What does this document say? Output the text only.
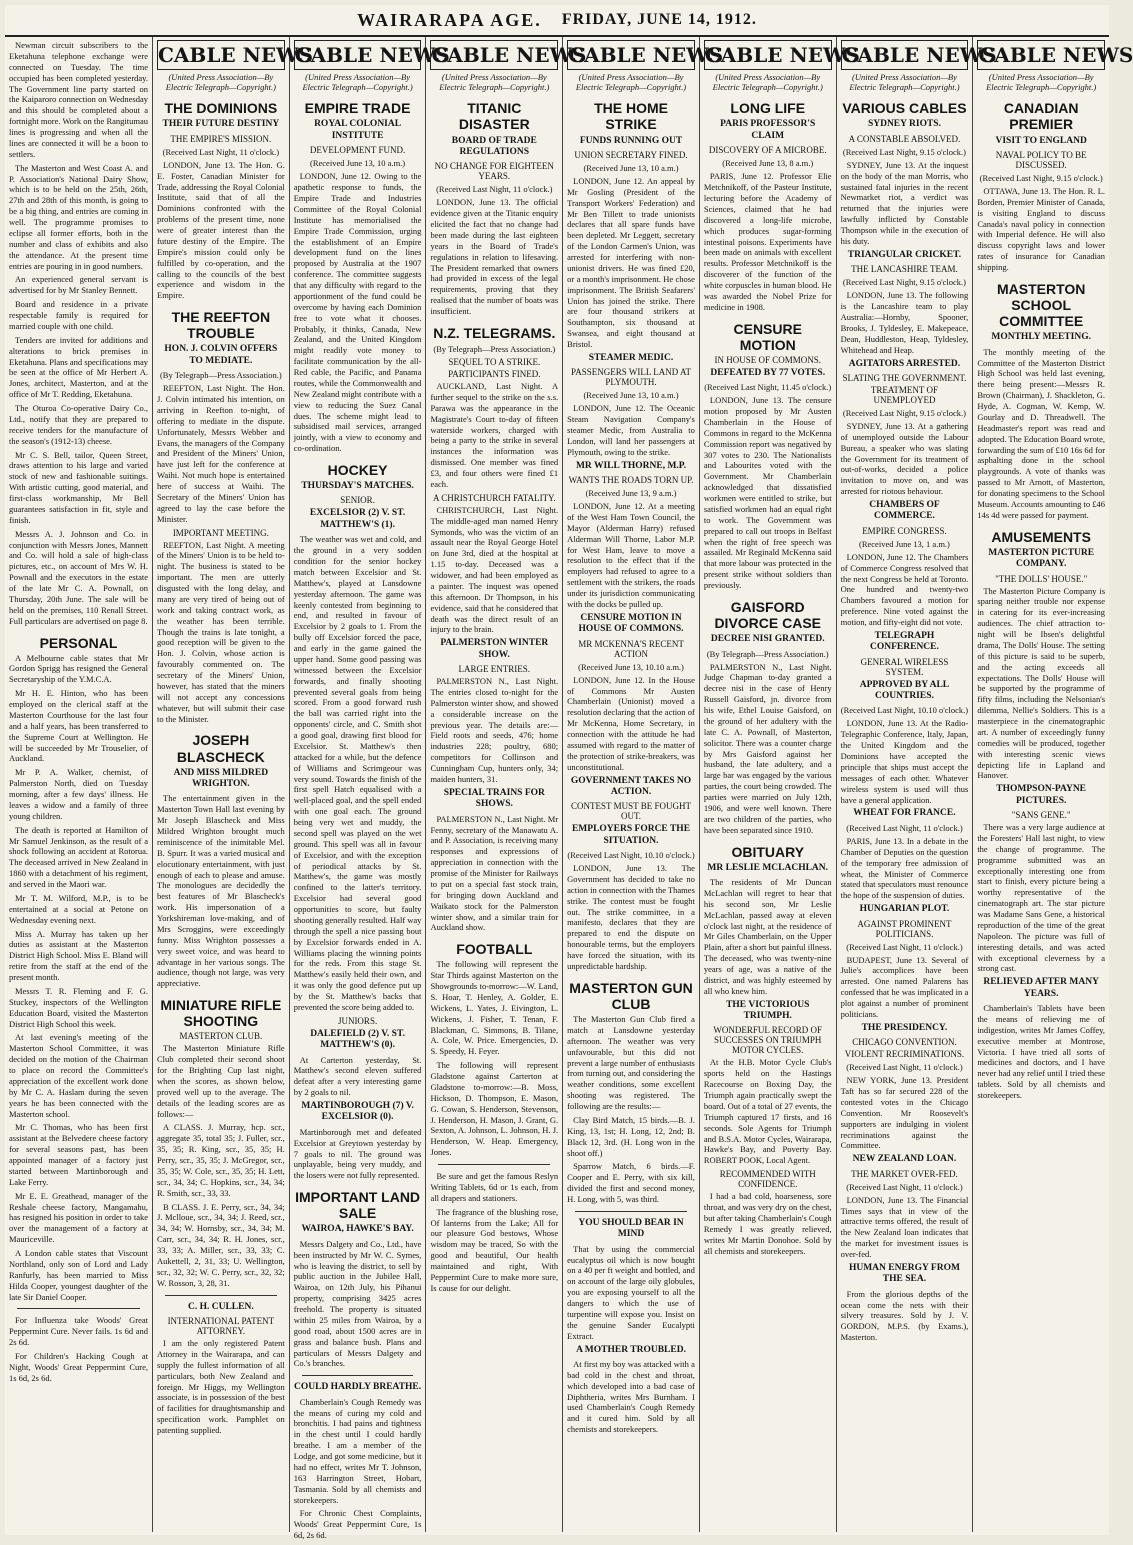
WAIRARAPA AGE. FRIDAY, JUNE 14, 1912.
Newman circuit subscribers to the Eketahuna telephone exchange were connected on Tuesday. The time occupied has been completed yesterday. The Government line party started on the Kaiparoro connection on Wednesday and this should be completed about a fortnight more. Work on the Rangitumau lines is progressing and when all the lines are connected it will be a boon to settlers.
The Masterton and West Coast A. and P. Association's National Dairy Show, which is to be held on the 25th, 26th, 27th and 28th of this month, is going to be a big thing, and entries are coming in well. The programme promises to eclipse all former efforts, both in the number and class of exhibits and also the attendance. At the present time entries are pouring in in good numbers.
An experienced general servant is advertised for by Mr Stanley Bennett.
Board and residence in a private respectable family is required for married couple with one child.
Tenders are invited for additions and alterations to brick premises in Eketahuna. Plans and specifications may be seen at the office of Mr Herbert A. Jones, architect, Masterton, and at the office of Mr T. Redding, Eketahuna.
The Oturoa Co-operative Dairy Co., Ltd., notify that they are prepared to receive tenders for the manufacture of the season's (1912-13) cheese.
Mr C. S. Bell, tailor, Queen Street, draws attention to his large and varied stock of new and fashionable suitings. With artistic cutting, good material, and first-class workmanship, Mr Bell guarantees satisfaction in fit, style and finish.
Messrs A. J. Johnson and Co. in conjunction with Messrs Jones, Mannett and Co. will hold a sale of high-class pictures, etc., on account of Mrs W. H. Pownall and the executors in the estate of the late Mr C. A. Pownall, on Thursday, 20th June. The sale will be held on the premises, 110 Renall Street. Full particulars are advertised on page 8.
PERSONAL
A Melbourne cable states that Mr Gordon Sprigg has resigned the General Secretaryship of the Y.M.C.A.
Mr H. E. Hinton, who has been employed on the clerical staff at the Masterton Courthouse for the last four and a half years, has been transferred to the Supreme Court at Wellington. He will be succeeded by Mr Trouselier, of Auckland.
Mr P. A. Walker, chemist, of Palmerston North, died on Tuesday morning, after a few days' illness. He leaves a widow and a family of three young children.
The death is reported at Hamilton of Mr Samuel Jenkinson, as the result of a shock following an accident at Rotorua. The deceased arrived in New Zealand in 1860 with a detachment of his regiment, and served in the Maori war.
Mr T. M. Wilford, M.P., is to be entertained at a social at Petone on Wednesday evening next.
Miss A. Murray has taken up her duties as assistant at the Masterton District High School. Miss E. Bland will retire from the staff at the end of the present month.
Messrs T. R. Fleming and F. G. Stuckey, inspectors of the Wellington Education Board, visited the Masterton District High School this week.
At last evening's meeting of the Masterton School Committee, it was decided on the motion of the Chairman to place on record the Committee's appreciation of the excellent work done by Mr C. A. Haslam during the seven years he has been connected with the Masterton school.
Mr C. Thomas, who has been first assistant at the Belvedere cheese factory for several seasons past, has been appointed manager of a factory just started between Martinborough and Lake Ferry.
Mr E. E. Greathead, manager of the Reshale cheese factory, Mangamahu, has resigned his position in order to take over the management of a factory at Mauriceville.
A London cable states that Viscount Northland, only son of Lord and Lady Ranfurly, has been married to Miss Hilda Cooper, youngest daughter of the late Sir Daniel Cooper.
For Influenza take Woods' Great Peppermint Cure. Never fails. 1s 6d and 2s 6d.
For Children's Hacking Cough at Night, Woods' Great Peppermint Cure, 1s 6d, 2s 6d.
CABLE NEWS
(United Press Association—By Electric Telegraph—Copyright.)
THE DOMINIONS
THEIR FUTURE DESTINY
THE EMPIRE'S MISSION.
(Received Last Night, 11 o'clock.)
LONDON, June 13. The Hon. G. E. Foster, Canadian Minister for Trade, addressing the Royal Colonial Institute, said that of all the Dominions confronted with the problems of the present time, none were of greater interest than the future destiny of the Empire. The Empire's mission could only be fulfilled by co-operation, and the calling to the councils of the best experience and wisdom in the Empire.
THE REEFTON TROUBLE
HON. J. COLVIN OFFERS TO MEDIATE.
(By Telegraph—Press Association.)
REEFTON, Last Night. The Hon. J. Colvin intimated his intention, on arriving in Reefton to-night, of offering to mediate in the dispute. Unfortunately, Messrs Webber and Evans, the managers of the Company and President of the Miners' Union, have just left for the conference at Waihi. Not much hope is entertained here of success at Waihi. The Secretary of the Miners' Union has agreed to lay the case before the Minister.
IMPORTANT MEETING.
REEFTON, Last Night. A meeting of the Miners' Union is to be held to-night. The business is stated to be important. The men are utterly disgusted with the long delay, and many are very tired of being out of work and taking contract work, as the weather has been terrible. Though the trains is late tonight, a good reception will be given to the Hon. J. Colvin, whose action is favourably commented on. The secretary of the Miners' Union, however, has stated that the miners will not accept any concessions whatever, but will submit their case to the Minister.
JOSEPH BLASCHECK
AND MISS MILDRED WRIGHTON.
The entertainment given in the Masterton Town Hall last evening by Mr Joseph Blascheck and Miss Mildred Wrighton brought much reminiscence of the inimitable Mel. B. Spurr. It was a varied musical and elocutionary entertainment, with just enough of each to please and amuse. The monologues are decidedly the best features of Mr Blascheck's work. His impersonation of a Yorkshireman love-making, and of Mrs Scroggins, were exceedingly funny. Miss Wrighton possesses a very sweet voice, and was heard to advantage in her various songs. The audience, though not large, was very appreciative.
MINIATURE RIFLE SHOOTING
MASTERTON CLUB.
The Masterton Miniature Rifle Club completed their second shoot for the Brighting Cup last night, when the scores, as shown below, proved well up to the average. The details of the leading scores are as follows:—
A CLASS. J. Murray, hcp. scr., aggregate 35, total 35; J. Fuller, scr., 35, 35; R. King, scr., 35, 35; H. Perry, scr., 35, 35; J. McGregor, scr., 35, 35; W. Cole, scr., 35, 35; H. Lett, scr., 34, 34; C. Hopkins, scr., 34, 34; R. Smith, scr., 33, 33.
B CLASS. J. E. Perry, scr., 34, 34; J. Mclloue, scr., 34, 34; J. Reed, scr., 34, 34; W. Hornsby, scr., 34, 34; M. Carr, scr., 34, 34; R. H. Jones, scr., 33, 33; A. Miller, scr., 33, 33; C. Aukettell, 2, 31, 33; U. Wellington, scr., 32, 32; W. C. Perry, scr., 32, 32; W. Rosson, 3, 28, 31.
C. H. CULLEN.
INTERNATIONAL PATENT ATTORNEY.
I am the only registered Patent Attorney in the Wairarapa, and can supply the fullest information of all particulars, both New Zealand and foreign. Mr Higgs, my Wellington associate, is in possession of the best of facilities for draughtsmanship and specification work. Pamphlet on patenting supplied.
CABLE NEWS
(United Press Association—By Electric Telegraph—Copyright.)
EMPIRE TRADE
ROYAL COLONIAL INSTITUTE
DEVELOPMENT FUND.
(Received June 13, 10 a.m.)
LONDON, June 12. Owing to the apathetic response to funds, the Empire Trade and Industries Committee of the Royal Colonial Institute has memorialised the Empire Trade Commission, urging the establishment of an Empire development fund on the lines proposed by Australia at the 1907 conference. The committee suggests that any difficulty with regard to the apportionment of the fund could be overcome by having each Dominion free to vote what it chooses. Probably, it thinks, Canada, New Zealand, and the United Kingdom might readily vote money to facilitate communication by the all-Red cable, the Pacific, and Panama routes, while the Commonwealth and New Zealand might contribute with a view to reducing the Suez Canal dues. The scheme might lead to subsidised mail services, arranged jointly, with a view to economy and co-ordination.
HOCKEY
THURSDAY'S MATCHES.
SENIOR.
EXCELSIOR (2) V. ST. MATTHEW'S (1).
The weather was wet and cold, and the ground in a very sodden condition for the senior hockey match between Excelsior and St. Matthew's, played at Lansdowne yesterday afternoon. The game was keenly contested from beginning to end, and resulted in favour of Excelsior by 2 goals to 1. From the bully off Excelsior forced the pace, and early in the game gained the upper hand. Some good passing was witnessed between the Excelsior forwards, and finally shooting prevented several goals from being scored. From a good forward rush the ball was carried right into the opponents' circle, and C. Smith shot a good goal, drawing first blood for Excelsior. St. Matthew's then attacked for a while, but the defence of Williams and Scrimgeour was very sound. Towards the finish of the first spell Hatch equalised with a well-placed goal, and the spell ended with one goal each. The ground being very wet and muddy, the second spell was played on the wet ground. This spell was all in favour of Excelsior, and with the exception of periodical attacks by St. Matthew's, the game was mostly confined to the latter's territory. Excelsior had several good opportunities to score, but faulty shooting generally resulted. Half way through the spell a nice passing bout by Excelsior forwards ended in A. Williams placing the winning points for the reds. From this stage St. Matthew's easily held their own, and it was only the good defence put up by the St. Matthew's backs that prevented the score being added to.
JUNIORS.
DALEFIELD (2) V. ST. MATTHEW'S (0).
At Carterton yesterday, St. Matthew's second eleven suffered defeat after a very interesting game by 2 goals to nil.
MARTINBOROUGH (7) V. EXCELSIOR (0).
Martinborough met and defeated Excelsior at Greytown yesterday by 7 goals to nil. The ground was unplayable, being very muddy, and the losers were not fully represented.
IMPORTANT LAND SALE
WAIROA, HAWKE'S BAY.
Messrs Dalgety and Co., Ltd., have been instructed by Mr W. C. Symes, who is leaving the district, to sell by public auction in the Jubilee Hall, Wairoa, on 12th July, his Pihanui property, comprising 3425 acres freehold. The property is situated within 25 miles from Wairoa, by a good road, about 1500 acres are in grass and balance bush. Plans and particulars of Messrs Dalgety and Co.'s branches.
COULD HARDLY BREATHE.
Chamberlain's Cough Remedy was the means of curing my cold and bronchitis. I had pains and tightness in the chest until I could hardly breathe. I am a member of the Lodge, and got some medicine, but it had no effect, writes Mr T. Johnson, 163 Harrington Street, Hobart, Tasmania. Sold by all chemists and storekeepers.
For Chronic Chest Complaints, Woods' Great Peppermint Cure, 1s 6d, 2s 6d.
CABLE NEWS
(United Press Association—By Electric Telegraph—Copyright.)
TITANIC DISASTER
BOARD OF TRADE REGULATIONS
NO CHANGE FOR EIGHTEEN YEARS.
(Received Last Night, 11 o'clock.)
LONDON, June 13. The official evidence given at the Titanic enquiry elicited the fact that no change had been made during the last eighteen years in the Board of Trade's regulations in relation to lifesaving. The President remarked that owners had provided in excess of the legal requirements, proving that they realised that the number of boats was insufficient.
N.Z. TELEGRAMS.
(By Telegraph—Press Association.)
SEQUEL TO A STRIKE.
PARTICIPANTS FINED.
AUCKLAND, Last Night. A further sequel to the strike on the s.s. Parawa was the appearance in the Magistrate's Court to-day of fifteen waterside workers, charged with being a party to the strike in several instances the information was dismissed. One member was fined £3, and four others were fined £1 each.
A CHRISTCHURCH FATALITY.
CHRISTCHURCH, Last Night. The middle-aged man named Henry Symonds, who was the victim of an assault near the Royal George Hotel on June 3rd, died at the hospital at 1.15 to-day. Deceased was a widower, and had been employed as a painter. The inquest was opened this afternoon. Dr Thompson, in his evidence, said that he considered that death was the direct result of an injury to the brain.
PALMERSTON WINTER SHOW.
LARGE ENTRIES.
PALMERSTON N., Last Night. The entries closed to-night for the Palmerston winter show, and showed a considerable increase on the previous year. The details are:—Field roots and seeds, 476; home industries 228; poultry, 680; competitors for Collinson and Cunningham Cup, hunters only, 34; maiden hunters, 31.
SPECIAL TRAINS FOR SHOWS.
PALMERSTON N., Last Night. Mr Fenny, secretary of the Manawatu A. and P. Association, is receiving many responses and expressions of appreciation in connection with the promise of the Minister for Railways to put on a special fast stock train, for bringing down Auckland and Waikato stock for the Palmerston winter show, and a similar train for Auckland show.
FOOTBALL
The following will represent the Star Thirds against Masterton on the Showgrounds to-morrow:—W. Land, S. Hoar, T. Henley, A. Golder, E. Wickens, L. Yates, J. Eivington, L. Wickens, J. Fisher, T. Tenan, F. Blackman, C. Simmons, B. Tilane, A. Cole, W. Price. Emergencies, D. S. Speedy, H. Feyer.
The following will represent Gladstone against Carterton at Gladstone to-morrow:—B. Moss, Hickson, D. Thompson, E. Mason, G. Cowan, S. Henderson, Stevenson, J. Henderson, H. Mason, J. Grant, G. Sexton, A. Johnson, L. Johnson, H. J. Henderson, W. Heap. Emergency, Jones.
Be sure and get the famous Reslyn Writing Tablets, 6d or 1s each, from all drapers and stationers.
The fragrance of the blushing rose, Of lanterns from the Lake; All for our pleasure God bestows, Whose wisdom may be traced, So with the good and beautiful, Our health maintained and right, With Peppermint Cure to make more sure, Is cause for our delight.
CABLE NEWS
(United Press Association—By Electric Telegraph—Copyright.)
THE HOME STRIKE
FUNDS RUNNING OUT
UNION SECRETARY FINED.
(Received June 13, 10 a.m.)
LONDON, June 12. An appeal by Mr Gosling (President of the Transport Workers' Federation) and Mr Ben Tillett to trade unionists declares that all spare funds have been depleted. Mr Leggett, secretary of the London Carmen's Union, was arrested for interfering with non-unionist drivers. He was fined £20, or a month's imprisonment. He chose imprisonment. The British Seafarers' Union has joined the strike. There are four thousand strikers at Southampton, six thousand at Swansea, and eight thousand at Bristol.
STEAMER MEDIC.
PASSENGERS WILL LAND AT PLYMOUTH.
(Received June 13, 10 a.m.)
LONDON, June 12. The Oceanic Steam Navigation Company's steamer Medic, from Australia to London, will land her passengers at Plymouth, owing to the strike.
MR WILL THORNE, M.P.
WANTS THE ROADS TORN UP.
(Received June 13, 9 a.m.)
LONDON, June 12. At a meeting of the West Ham Town Council, the Mayor (Alderman Harry) refused Alderman Will Thorne, Labor M.P. for West Ham, leave to move a resolution to the effect that if the employers had refused to agree to a settlement with the strikers, the roads under its jurisdiction communicating with the docks be pulled up.
CENSURE MOTION IN HOUSE OF COMMONS.
MR MCKENNA'S RECENT ACTION
(Received June 13, 10.10 a.m.)
LONDON, June 12. In the House of Commons Mr Austen Chamberlain (Unionist) moved a resolution declaring that the action of Mr McKenna, Home Secretary, in connection with the attitude he had assumed with regard to the matter of the protection of strike-breakers, was unconstitutional.
GOVERNMENT TAKES NO ACTION.
CONTEST MUST BE FOUGHT OUT.
EMPLOYERS FORCE THE SITUATION.
(Received Last Night, 10.10 o'clock.)
LONDON, June 13. The Government has decided to take no action in connection with the Thames strike. The contest must be fought out. The strike committee, in a manifesto, declares that they are prepared to end the dispute on honourable terms, but the employers have forced the situation, with its unpredictable hardship.
MASTERTON GUN CLUB
The Masterton Gun Club fired a match at Lansdowne yesterday afternoon. The weather was very unfavourable, but this did not prevent a large number of enthusiasts from turning out, and considering the weather conditions, some excellent shooting was registered. The following are the results:—
Clay Bird Match, 15 birds.—B. J. King, 13, 1st; H. Long, 12, 2nd; B. Black 12, 3rd. (H. Long won in the shoot off.)
Sparrow Match, 6 birds.—F. Cooper and E. Perry, with six kill, divided the first and second money, H. Long, with 5, was third.
YOU SHOULD BEAR IN MIND
That by using the commercial eucalyptus oil which is now bought on a 40 per ft weight and bottled, and on account of the large oily globules, you are exposing yourself to all the dangers to which the use of turpentine will expose you. Insist on the genuine Sander Eucalypti Extract.
A MOTHER TROUBLED.
At first my boy was attacked with a bad cold in the chest and throat, which developed into a bad case of Diphtheria, writes Mrs Burnham. I used Chamberlain's Cough Remedy and it cured him. Sold by all chemists and storekeepers.
CABLE NEWS
(United Press Association—By Electric Telegraph—Copyright.)
LONG LIFE
PARIS PROFESSOR'S CLAIM
DISCOVERY OF A MICROBE.
(Received June 13, 8 a.m.)
PARIS, June 12. Professor Elie Metchnikoff, of the Pasteur Institute, lecturing before the Academy of Sciences, claimed that he had discovered a long-life microbe, which produces sugar-forming intestinal poisons. Experiments have been made on animals with excellent results. Professor Metchnikoff is the discoverer of the function of the white corpuscles in human blood. He was awarded the Nobel Prize for medicine in 1908.
CENSURE MOTION
IN HOUSE OF COMMONS.
DEFEATED BY 77 VOTES.
(Received Last Night, 11.45 o'clock.)
LONDON, June 13. The censure motion proposed by Mr Austen Chamberlain in the House of Commons in regard to the McKenna Commission report was negatived by 307 votes to 230. The Nationalists and Labourites voted with the Government. Mr Chamberlain acknowledged that dissatisfied workmen were entitled to strike, but satisfied workmen had an equal right to work. The Government was prepared to call out troops in Belfast when the right of free speech was assailed. Mr Reginald McKenna said that more labour was protected in the present strike without soldiers than previously.
GAISFORD DIVORCE CASE
DECREE NISI GRANTED.
(By Telegraph—Press Association.)
PALMERSTON N., Last Night. Judge Chapman to-day granted a decree nisi in the case of Henry Russell Gaisford, jn. divorce from his wife, Ethel Louise Gaisford, on the ground of her adultery with the late C. A. Pownall, of Masterton, solicitor. There was a counter charge by Mrs Gaisford against her husband, the late adultery, and a large bar was engaged by the various parties, the court being crowded. The parties were married on July 12th, 1906, and were well known. There are two children of the parties, who have been separated since 1910.
OBITUARY
MR LESLIE MCLACHLAN.
The residents of Mr Duncan McLachlan will regret to hear that his second son, Mr Leslie McLachlan, passed away at eleven o'clock last night, at the residence of Mr Giles Chamberlain, on the Upper Plain, after a short but painful illness. The deceased, who was twenty-nine years of age, was a native of the district, and was highly esteemed by all who knew him.
THE VICTORIOUS TRIUMPH.
WONDERFUL RECORD OF SUCCESSES ON TRIUMPH MOTOR CYCLES.
At the H.B. Motor Cycle Club's sports held on the Hastings Racecourse on Boxing Day, the Triumph again practically swept the board. Out of a total of 27 events, the Triumph captured 17 firsts, and 16 seconds. Sole Agents for Triumph and B.S.A. Motor Cycles, Wairarapa, Hawke's Bay, and Poverty Bay. ROBERT POOK, Local Agent.
RECOMMENDED WITH CONFIDENCE.
I had a bad cold, hoarseness, sore throat, and was very dry on the chest, but after taking Chamberlain's Cough Remedy I was greatly relieved, writes Mr Martin Donohoe. Sold by all chemists and storekeepers.
CABLE NEWS
(United Press Association—By Electric Telegraph—Copyright.)
VARIOUS CABLES
SYDNEY RIOTS.
A CONSTABLE ABSOLVED.
(Received Last Night, 9.15 o'clock.)
SYDNEY, June 13. At the inquest on the body of the man Morris, who sustained fatal injuries in the recent Newmarket riot, a verdict was returned that the injuries were lawfully inflicted by Constable Thompson while in the execution of his duty.
TRIANGULAR CRICKET.
THE LANCASHIRE TEAM.
(Received Last Night, 9.15 o'clock.)
LONDON, June 13. The following is the Lancashire team to play Australia:—Hornby, Spooner, Brooks, J. Tyldesley, E. Makepeace, Dean, Huddleston, Heap, Tyldesley, Whitehead and Heap.
AGITATORS ARRESTED.
SLATING THE GOVERNMENT.
TREATMENT OF UNEMPLOYED
(Received Last Night, 9.15 o'clock.)
SYDNEY, June 13. At a gathering of unemployed outside the Labour Bureau, a speaker who was slating the Government for its treatment of out-of-works, decided a police invitation to move on, and was arrested for riotous behaviour.
CHAMBERS OF COMMERCE.
EMPIRE CONGRESS.
(Received June 13, 1 a.m.)
LONDON, June 12. The Chambers of Commerce Congress resolved that the next Congress be held at Toronto. One hundred and twenty-two Chambers favoured a motion for preference. Nine voted against the motion, and fifty-eight did not vote.
TELEGRAPH CONFERENCE.
GENERAL WIRELESS SYSTEM.
APPROVED BY ALL COUNTRIES.
(Received Last Night, 10.10 o'clock.)
LONDON, June 13. At the Radio-Telegraphic Conference, Italy, Japan, the United Kingdom and the Dominions have accepted the principle that ships must accept the messages of each other. Whatever wireless system is used will thus have a general application.
WHEAT FOR FRANCE.
(Received Last Night, 11 o'clock.)
PARIS, June 13. In a debate in the Chamber of Deputies on the question of the temporary free admission of wheat, the Minister of Commerce stated that speculators must renounce the hope of the suspension of duties.
HUNGARIAN PLOT.
AGAINST PROMINENT POLITICIANS.
(Received Last Night, 11 o'clock.)
BUDAPEST, June 13. Several of Julie's accomplices have been arrested. One named Palarens has confessed that he was implicated in a plot against a number of prominent politicians.
THE PRESIDENCY.
CHICAGO CONVENTION.
VIOLENT RECRIMINATIONS.
(Received Last Night, 11 o'clock.)
NEW YORK, June 13. President Taft has so far secured 228 of the contested votes in the Chicago Convention. Mr Roosevelt's supporters are indulging in violent recriminations against the Committee.
NEW ZEALAND LOAN.
THE MARKET OVER-FED.
(Received Last Night, 11 o'clock.)
LONDON, June 13. The Financial Times says that in view of the attractive terms offered, the result of the New Zealand loan indicates that the market for investment issues is over-fed.
HUMAN ENERGY FROM THE SEA.
From the glorious depths of the ocean come the nets with their silvery treasures. Sold by J. V. GORDON, M.P.S. (by Exams.), Masterton.
CABLE NEWS
(United Press Association—By Electric Telegraph—Copyright.)
CANADIAN PREMIER
VISIT TO ENGLAND
NAVAL POLICY TO BE DISCUSSED.
(Received Last Night, 9.15 o'clock.)
OTTAWA, June 13. The Hon. R. L. Borden, Premier Minister of Canada, is visiting England to discuss Canada's naval policy in connection with Imperial defence. He will also discuss copyright laws and lower rates of insurance for Canadian shipping.
MASTERTON SCHOOL COMMITTEE
MONTHLY MEETING.
The monthly meeting of the Committee of the Masterton District High School was held last evening, there being present:—Messrs R. Brown (Chairman), J. Shackleton, G. Hyde, A. Cogman, W. Kemp, W. Gourlay and D. Threadwell. The Headmaster's report was read and adopted. The Education Board wrote, forwarding the sum of £10 16s 6d for asphalting done in the school playgrounds. A vote of thanks was passed to Mr Arnott, of Masterton, for donating specimens to the School Museum. Accounts amounting to £46 14s 4d were passed for payment.
AMUSEMENTS
MASTERTON PICTURE COMPANY.
"THE DOLLS' HOUSE."
The Masterton Picture Company is sparing neither trouble nor expense in catering for its ever-increasing audiences. The chief attraction to-night will be Ibsen's delightful drama, The Dolls' House. The setting of this picture is said to be superb, and the acting exceeds all expectations. The Dolls' House will be supported by the programme of fifty films, including the Nelsonian's dilemma, Nellie's Soldiers. This is a masterpiece in the cinematographic art. A number of exceedingly funny comedies will be produced, together with interesting scenic views depicting life in Lapland and Hanover.
THOMPSON-PAYNE PICTURES.
"SANS GENE."
There was a very large audience at the Foresters' Hall last night, to view the change of programme. The programme submitted was an exceptionally interesting one from start to finish, every picture being a worthy representative of the cinematograph art. The star picture was Madame Sans Gene, a historical reproduction of the time of the great Napoleon. The picture was full of interesting details, and was acted with exceptional cleverness by a strong cast.
RELIEVED AFTER MANY YEARS.
Chamberlain's Tablets have been the means of relieving me of indigestion, writes Mr James Coffey, executive member at Montrose, Victoria. I have tried all sorts of medicines and doctors, and I have never had any relief until I tried these tablets. Sold by all chemists and storekeepers.
